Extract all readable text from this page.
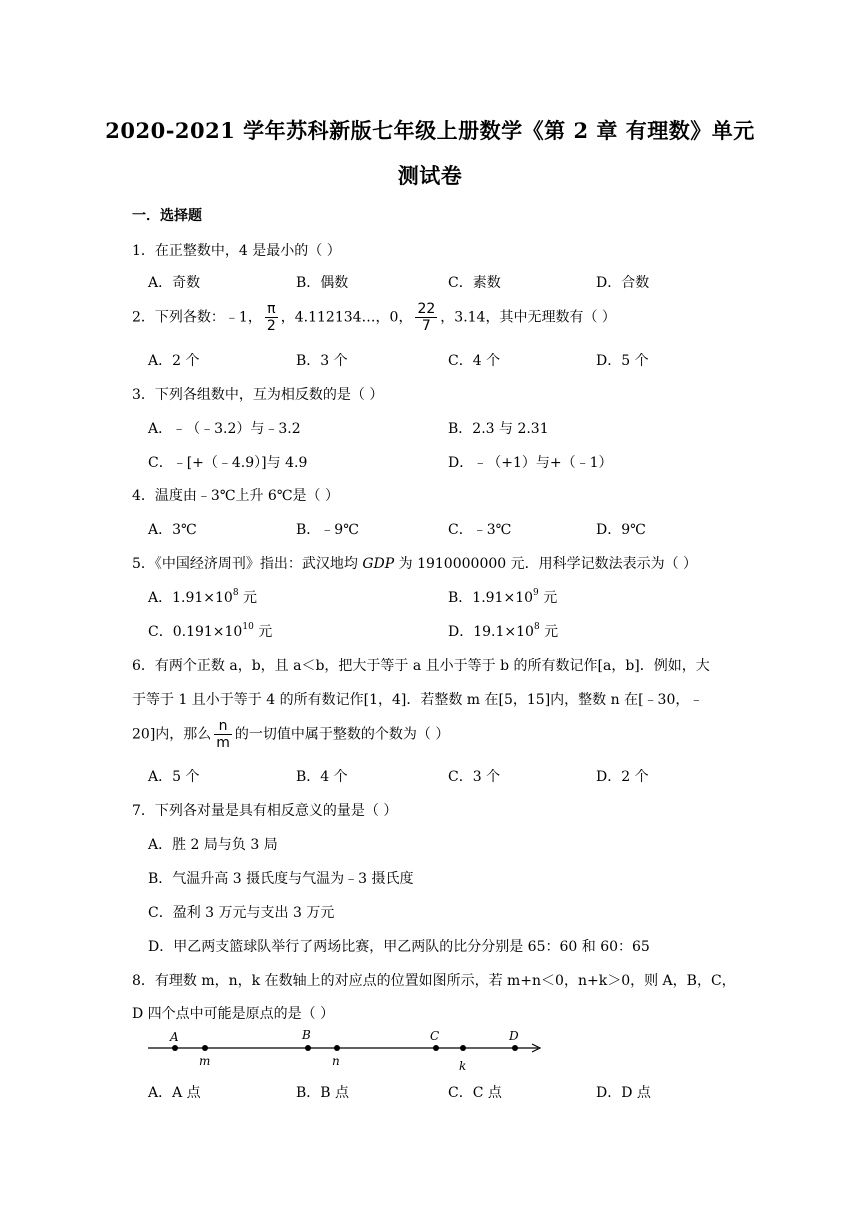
2020-2021 学年苏科新版七年级上册数学《第 2 章 有理数》单元
测试卷
一．选择题
1．在正整数中，4 是最小的（ ）
A．奇数	B．偶数	C．素数	D．合数
2．下列各数：﹣1， $\frac{\pi}{2}$ ，4.112134…，0， $\frac{22}{7}$ ，3.14，其中无理数有（ ）
A．2 个	B．3 个	C．4 个	D．5 个
3．下列各组数中，互为相反数的是（ ）
A．﹣（﹣3.2）与﹣3.2	B．2.3 与 2.31
C．﹣[+（﹣4.9）]与 4.9	D．﹣（+1）与+（﹣1）
4．温度由﹣3℃上升 6℃是（ ）
A．3℃	B．﹣9℃	C．﹣3℃	D．9℃
5．《中国经济周刊》指出：武汉地均 GDP 为 1910000000 元．用科学记数法表示为（ ）
A．$1.91\times 10^8$ 元	B．$1.91\times 10^9$ 元
C．$0.191\times 10^{10}$ 元	D．$19.1\times 10^8$ 元
6．有两个正数 a，b，且 a＜b，把大于等于 a 且小于等于 b 的所有数记作[a，b]．例如，大
于等于 1 且小于等于 4 的所有数记作[1，4]．若整数 m 在[5，15]内，整数 n 在[﹣30，﹣
20]内，那么 $\frac{n}{m}$ 的一切值中属于整数的个数为（ ）
A．5 个	B．4 个	C．3 个	D．2 个
7．下列各对量是具有相反意义的量是（ ）
A．胜 2 局与负 3 局
B．气温升高 3 摄氏度与气温为﹣3 摄氏度
C．盈利 3 万元与支出 3 万元
D．甲乙两支篮球队举行了两场比赛，甲乙两队的比分分别是 65：60 和 60：65
8．有理数 m，n，k 在数轴上的对应点的位置如图所示，若 m+n＜0，n+k＞0，则 A，B，C，
D 四个点中可能是原点的是（ ）
A
m
B
n
C
k
D
A．A 点	B．B 点	C．C 点	D．D 点
